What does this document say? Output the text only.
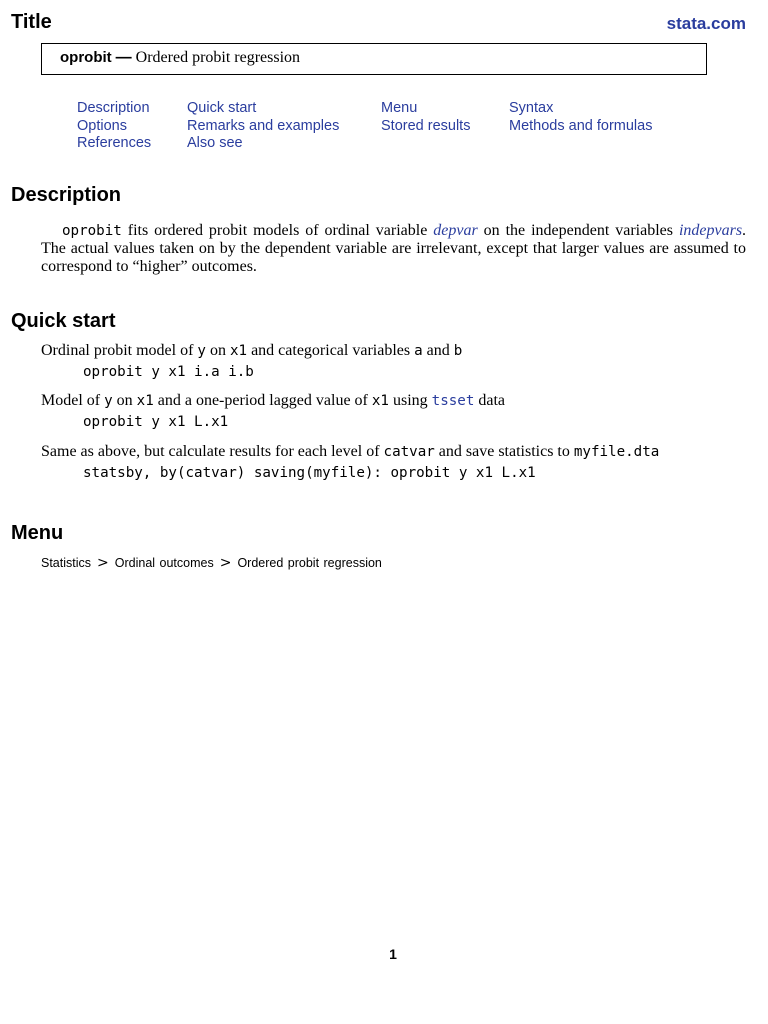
Title	stata.com
oprobit — Ordered probit regression
Description
Options
References
Quick start
Remarks and examples
Also see
Menu
Stored results
Syntax
Methods and formulas
Description
oprobit fits ordered probit models of ordinal variable depvar on the independent variables indepvars. The actual values taken on by the dependent variable are irrelevant, except that larger values are assumed to correspond to “higher” outcomes.
Quick start
Ordinal probit model of y on x1 and categorical variables a and b
oprobit y x1 i.a i.b
Model of y on x1 and a one-period lagged value of x1 using tsset data
oprobit y x1 L.x1
Same as above, but calculate results for each level of catvar and save statistics to myfile.dta
statsby, by(catvar) saving(myfile): oprobit y x1 L.x1
Menu
Statistics > Ordinal outcomes > Ordered probit regression
1
